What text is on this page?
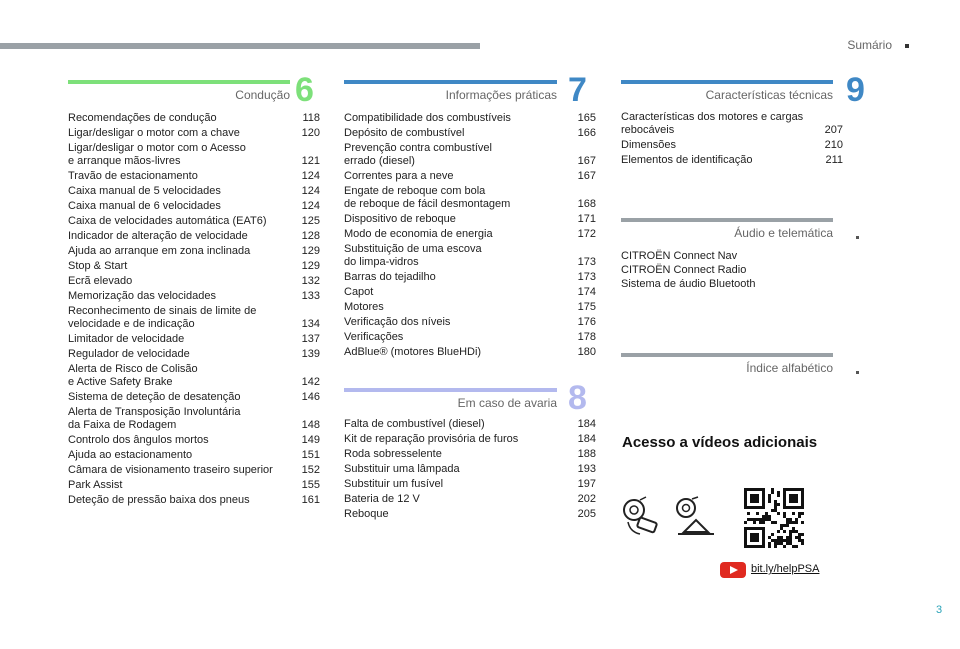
Sumário
Condução 6
Recomendações de condução	118
Ligar/desligar o motor com a chave	120
Ligar/desligar o motor com o Acesso
e arranque mãos-livres	121
Travão de estacionamento	124
Caixa manual de 5 velocidades	124
Caixa manual de 6 velocidades	124
Caixa de velocidades automática (EAT6)	125
Indicador de alteração de velocidade	128
Ajuda ao arranque em zona inclinada	129
Stop & Start	129
Ecrã elevado	132
Memorização das velocidades	133
Reconhecimento de sinais de limite de
velocidade e de indicação	134
Limitador de velocidade	137
Regulador de velocidade	139
Alerta de Risco de Colisão
e Active Safety Brake	142
Sistema de deteção de desatenção	146
Alerta de Transposição Involuntária
da Faixa de Rodagem	148
Controlo dos ângulos mortos	149
Ajuda ao estacionamento	151
Câmara de visionamento traseiro superior	152
Park Assist	155
Deteção de pressão baixa dos pneus	161
Informações práticas 7
Compatibilidade dos combustíveis	165
Depósito de combustível	166
Prevenção contra combustível
errado (diesel)	167
Correntes para a neve	167
Engate de reboque com bola
de reboque de fácil desmontagem	168
Dispositivo de reboque	171
Modo de economia de energia	172
Substituição de uma escova
do limpa-vidros	173
Barras do tejadilho	173
Capot	174
Motores	175
Verificação dos níveis	176
Verificações	178
AdBlue® (motores BlueHDi)	180
Em caso de avaria 8
Falta de combustível (diesel)	184
Kit de reparação provisória de furos	184
Roda sobresselente	188
Substituir uma lâmpada	193
Substituir um fusível	197
Bateria de 12 V	202
Reboque	205
Características técnicas 9
Características dos motores e cargas
rebocáveis	207
Dimensões	210
Elementos de identificação	211
Áudio e telemática
CITROËN Connect Nav
CITROËN Connect Radio
Sistema de áudio Bluetooth
Índice alfabético
Acesso a vídeos adicionais
bit.ly/helpPSA
3
